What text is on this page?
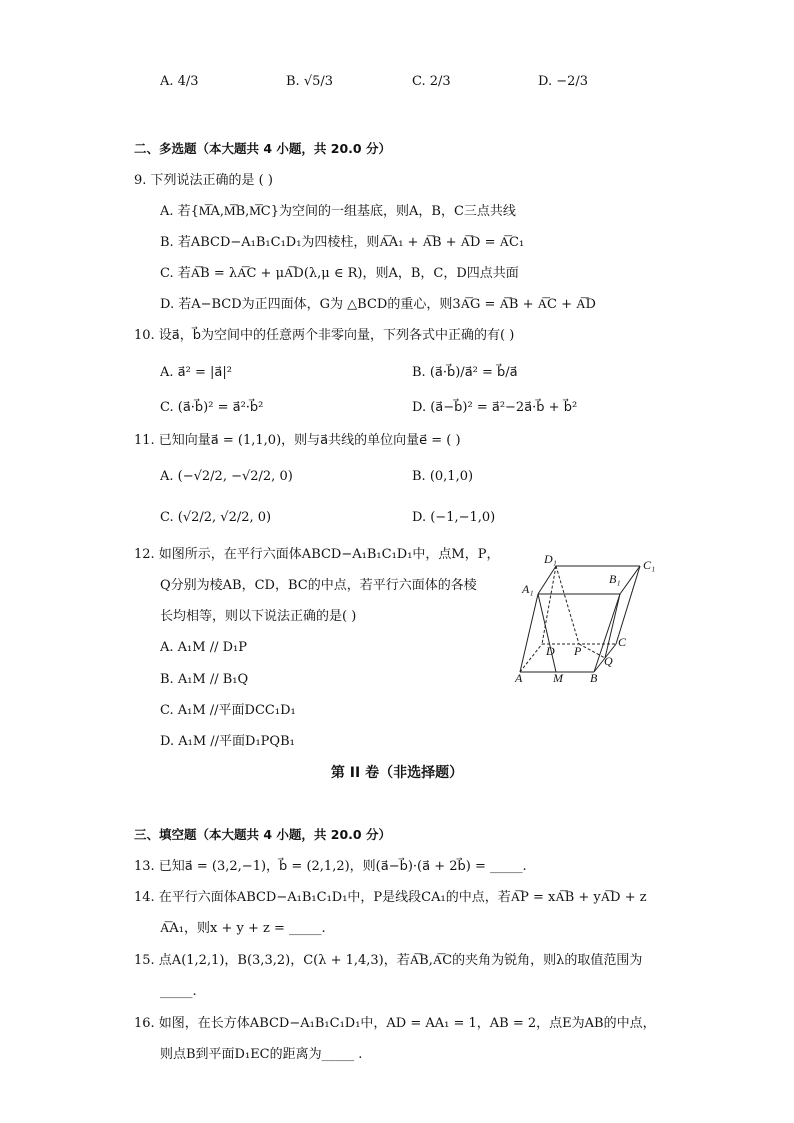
A. 4/3	B. √5/3	C. 2/3	D. −2/3
二、多选题（本大题共 4 小题，共 20.0 分）
9. 下列说法正确的是 ( )
A. 若{M͞A,M͞B,M͞C}为空间的一组基底，则A，B，C三点共线
B. 若ABCD−A₁B₁C₁D₁为四棱柱，则A͞A₁ + A͞B + A͞D = A͞C₁
C. 若A͞B = λA͞C + μA͞D(λ,μ ∈ R)，则A，B，C，D四点共面
D. 若A−BCD为正四面体，G为 △BCD的重心，则3A͞G = A͞B + A͞C + A͞D
10. 设a⃗，b⃗为空间中的任意两个非零向量，下列各式中正确的有( )
A. a⃗² = |a⃗|²	B. (a⃗·b⃗)/a⃗² = b⃗/a⃗
C. (a⃗·b⃗)² = a⃗²·b⃗²	D. (a⃗−b⃗)² = a⃗²−2a⃗·b⃗ + b⃗²
11. 已知向量a⃗ = (1,1,0)，则与a⃗共线的单位向量e⃗ = ( )
A. (−√2/2, −√2/2, 0)	B. (0,1,0)
C. (√2/2, √2/2, 0)	D. (−1,−1,0)
12. 如图所示，在平行六面体ABCD−A₁B₁C₁D₁中，点M，P，
Q分别为棱AB，CD，BC的中点，若平行六面体的各棱
长均相等，则以下说法正确的是( )
A. A₁M // D₁P
B. A₁M // B₁Q
C. A₁M //平面DCC₁D₁
D. A₁M //平面D₁PQB₁
D₁	C₁
A₁
B₁
D P
C
Q
A	M B
第 II 卷（非选择题）
三、填空题（本大题共 4 小题，共 20.0 分）
13. 已知a⃗ = (3,2,−1)，b⃗ = (2,1,2)，则(a⃗−b⃗)·(a⃗ + 2b⃗) = _____.
14. 在平行六面体ABCD−A₁B₁C₁D₁中，P是线段CA₁的中点，若A͞P = xA͞B + yA͞D + z
A͞A₁，则x + y + z = _____.
15. 点A(1,2,1)，B(3,3,2)，C(λ + 1,4,3)，若A͞B,A͞C的夹角为锐角，则λ的取值范围为
_____.
16. 如图，在长方体ABCD−A₁B₁C₁D₁中，AD = AA₁ = 1，AB = 2，点E为AB的中点，
则点B到平面D₁EC的距离为_____ .
